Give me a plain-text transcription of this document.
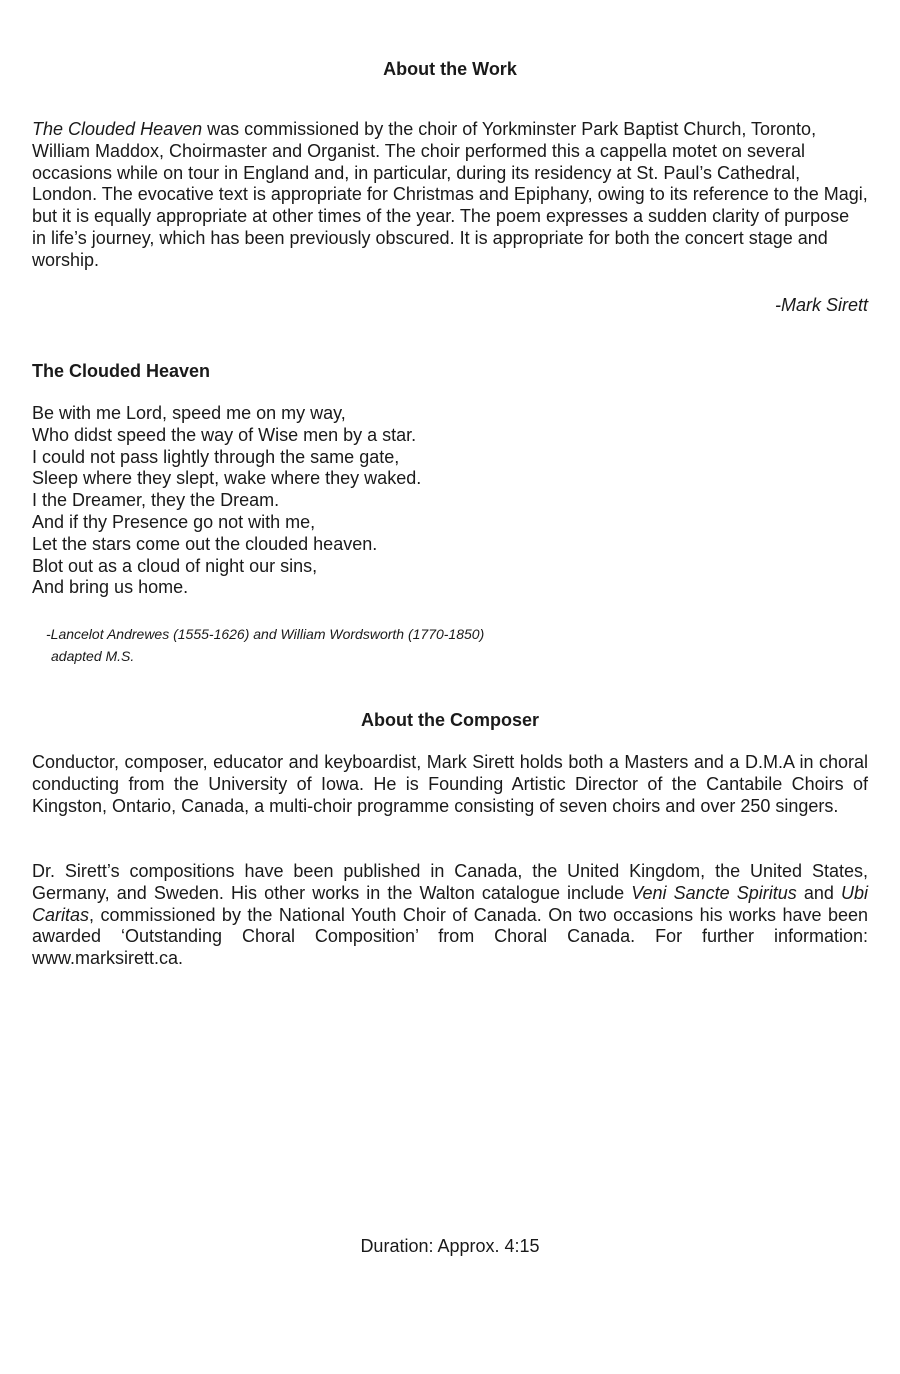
About the Work

The Clouded Heaven was commissioned by the choir of Yorkminster Park Baptist Church, Toronto, William Maddox, Choirmaster and Organist. The choir performed this a cappella motet on several occasions while on tour in England and, in particular, during its residency at St. Paul’s Cathedral, London. The evocative text is appropriate for Christmas and Epiphany, owing to its reference to the Magi, but it is equally appropriate at other times of the year. The poem expresses a sudden clarity of purpose in life’s journey, which has been previously obscured. It is appropriate for both the concert stage and worship.

-Mark Sirett

The Clouded Heaven
Be with me Lord, speed me on my way,
Who didst speed the way of Wise men by a star.
I could not pass lightly through the same gate,
Sleep where they slept, wake where they waked.
I the Dreamer, they the Dream.
And if thy Presence go not with me,
Let the stars come out the clouded heaven.
Blot out as a cloud of night our sins,
And bring us home.
-Lancelot Andrewes (1555-1626) and William Wordsworth (1770-1850)
adapted M.S.
About the Composer

Conductor, composer, educator and keyboardist, Mark Sirett holds both a Masters and a D.M.A in choral conducting from the University of Iowa. He is Founding Artistic Director of the Cantabile Choirs of Kingston, Ontario, Canada, a multi-choir programme consisting of seven choirs and over 250 singers.

Dr. Sirett’s compositions have been published in Canada, the United Kingdom, the United States, Germany, and Sweden. His other works in the Walton catalogue include Veni Sancte Spiritus and Ubi Caritas, commissioned by the National Youth Choir of Canada. On two occasions his works have been awarded ‘Outstanding Choral Composition’ from Choral Canada. For further information: www.marksirett.ca.

Duration: Approx. 4:15
